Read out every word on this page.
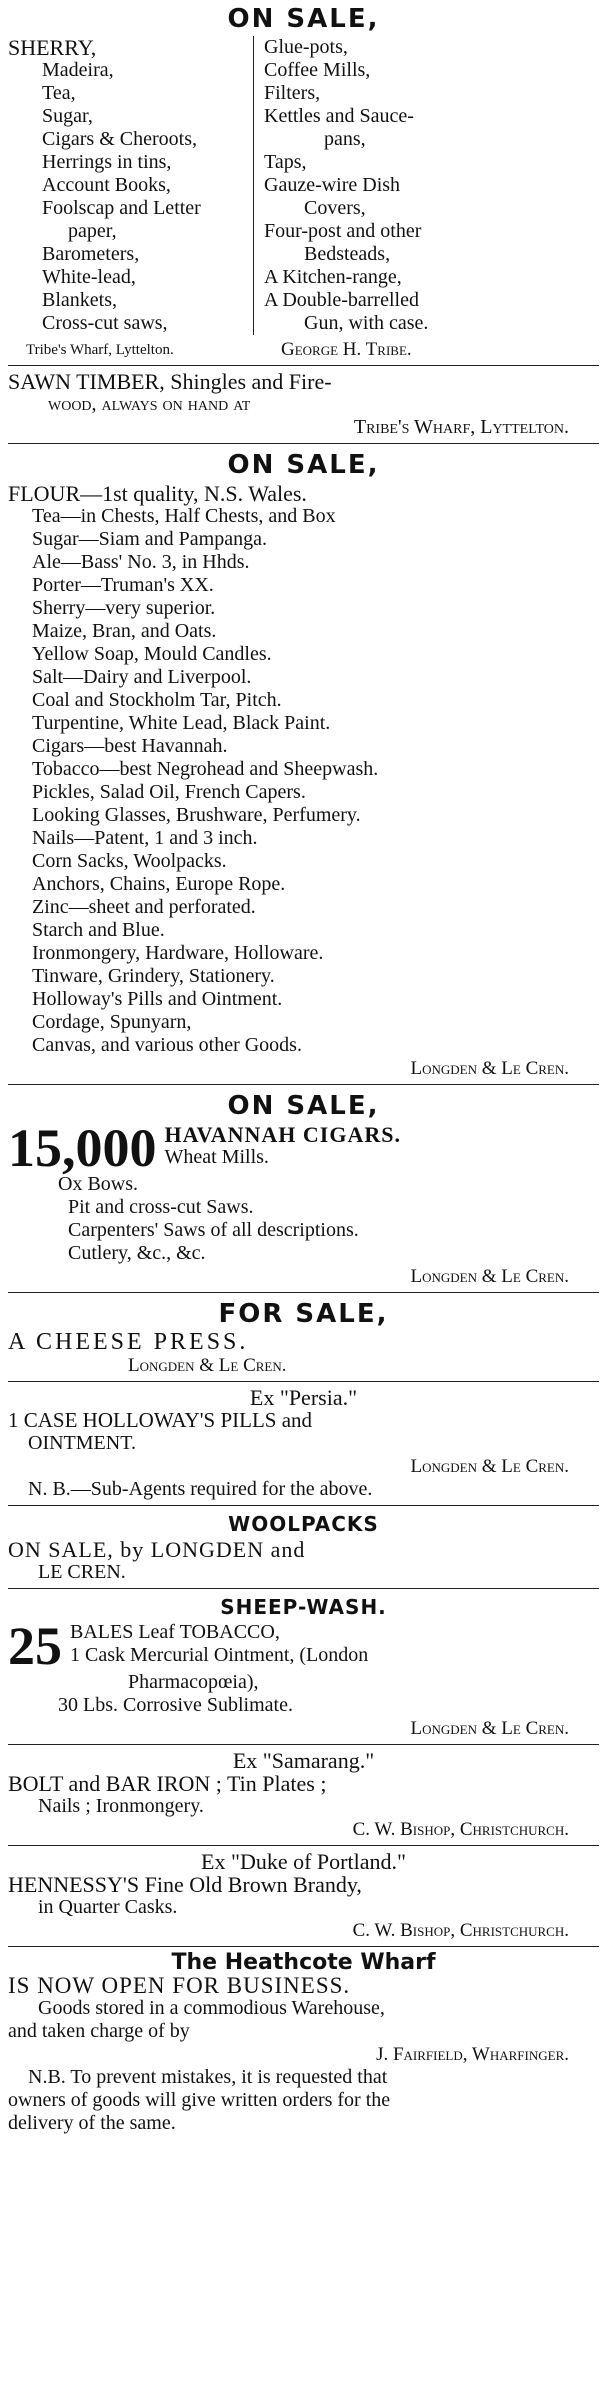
ON SALE,
SHERRY,
Madeira,
Tea,
Sugar,
Cigars & Cheroots,
Herrings in tins,
Account Books,
Foolscap and Letter
paper,
Barometers,
White-lead,
Blankets,
Cross-cut saws,
Glue-pots,
Coffee Mills,
Filters,
Kettles and Sauce-
pans,
Taps,
Gauze-wire Dish
Covers,
Four-post and other
Bedsteads,
A Kitchen-range,
A Double-barrelled
Gun, with case.
Tribe's Wharf, Lyttelton.	George H. Tribe.
SAWN TIMBER, Shingles and Fire-
wood, always on hand at
Tribe's Wharf, Lyttelton.
ON SALE,
FLOUR—1st quality, N.S. Wales.
Tea—in Chests, Half Chests, and Box
Sugar—Siam and Pampanga.
Ale—Bass' No. 3, in Hhds.
Porter—Truman's XX.
Sherry—very superior.
Maize, Bran, and Oats.
Yellow Soap, Mould Candles.
Salt—Dairy and Liverpool.
Coal and Stockholm Tar, Pitch.
Turpentine, White Lead, Black Paint.
Cigars—best Havannah.
Tobacco—best Negrohead and Sheepwash.
Pickles, Salad Oil, French Capers.
Looking Glasses, Brushware, Perfumery.
Nails—Patent, 1 and 3 inch.
Corn Sacks, Woolpacks.
Anchors, Chains, Europe Rope.
Zinc—sheet and perforated.
Starch and Blue.
Ironmongery, Hardware, Holloware.
Tinware, Grindery, Stationery.
Holloway's Pills and Ointment.
Cordage, Spunyarn,
Canvas, and various other Goods.
Longden & Le Cren.
ON SALE,
15,000 HAVANNAH CIGARS.
Wheat Mills.
Ox Bows.
Pit and cross-cut Saws.
Carpenters' Saws of all descriptions.
Cutlery, &c., &c.
Longden & Le Cren.
FOR SALE,
A CHEESE PRESS.
Longden & Le Cren.
Ex "Persia."
1 CASE HOLLOWAY'S PILLS and
OINTMENT.
Longden & Le Cren.
N. B.—Sub-Agents required for the above.
WOOLPACKS
ON SALE, by LONGDEN and
LE CREN.
SHEEP-WASH.
25 BALES Leaf TOBACCO,
1 Cask Mercurial Ointment, (London
Pharmacopœia),
30 Lbs. Corrosive Sublimate.
Longden & Le Cren.
Ex "Samarang."
BOLT and BAR IRON ; Tin Plates ;
Nails ; Ironmongery.
C. W. Bishop, Christchurch.
Ex "Duke of Portland."
HENNESSY'S Fine Old Brown Brandy,
in Quarter Casks.
C. W. Bishop, Christchurch.
The Heathcote Wharf
IS NOW OPEN FOR BUSINESS.
Goods stored in a commodious Warehouse,
and taken charge of by
J. Fairfield, Wharfinger.
N.B. To prevent mistakes, it is requested that
owners of goods will give written orders for the
delivery of the same.
